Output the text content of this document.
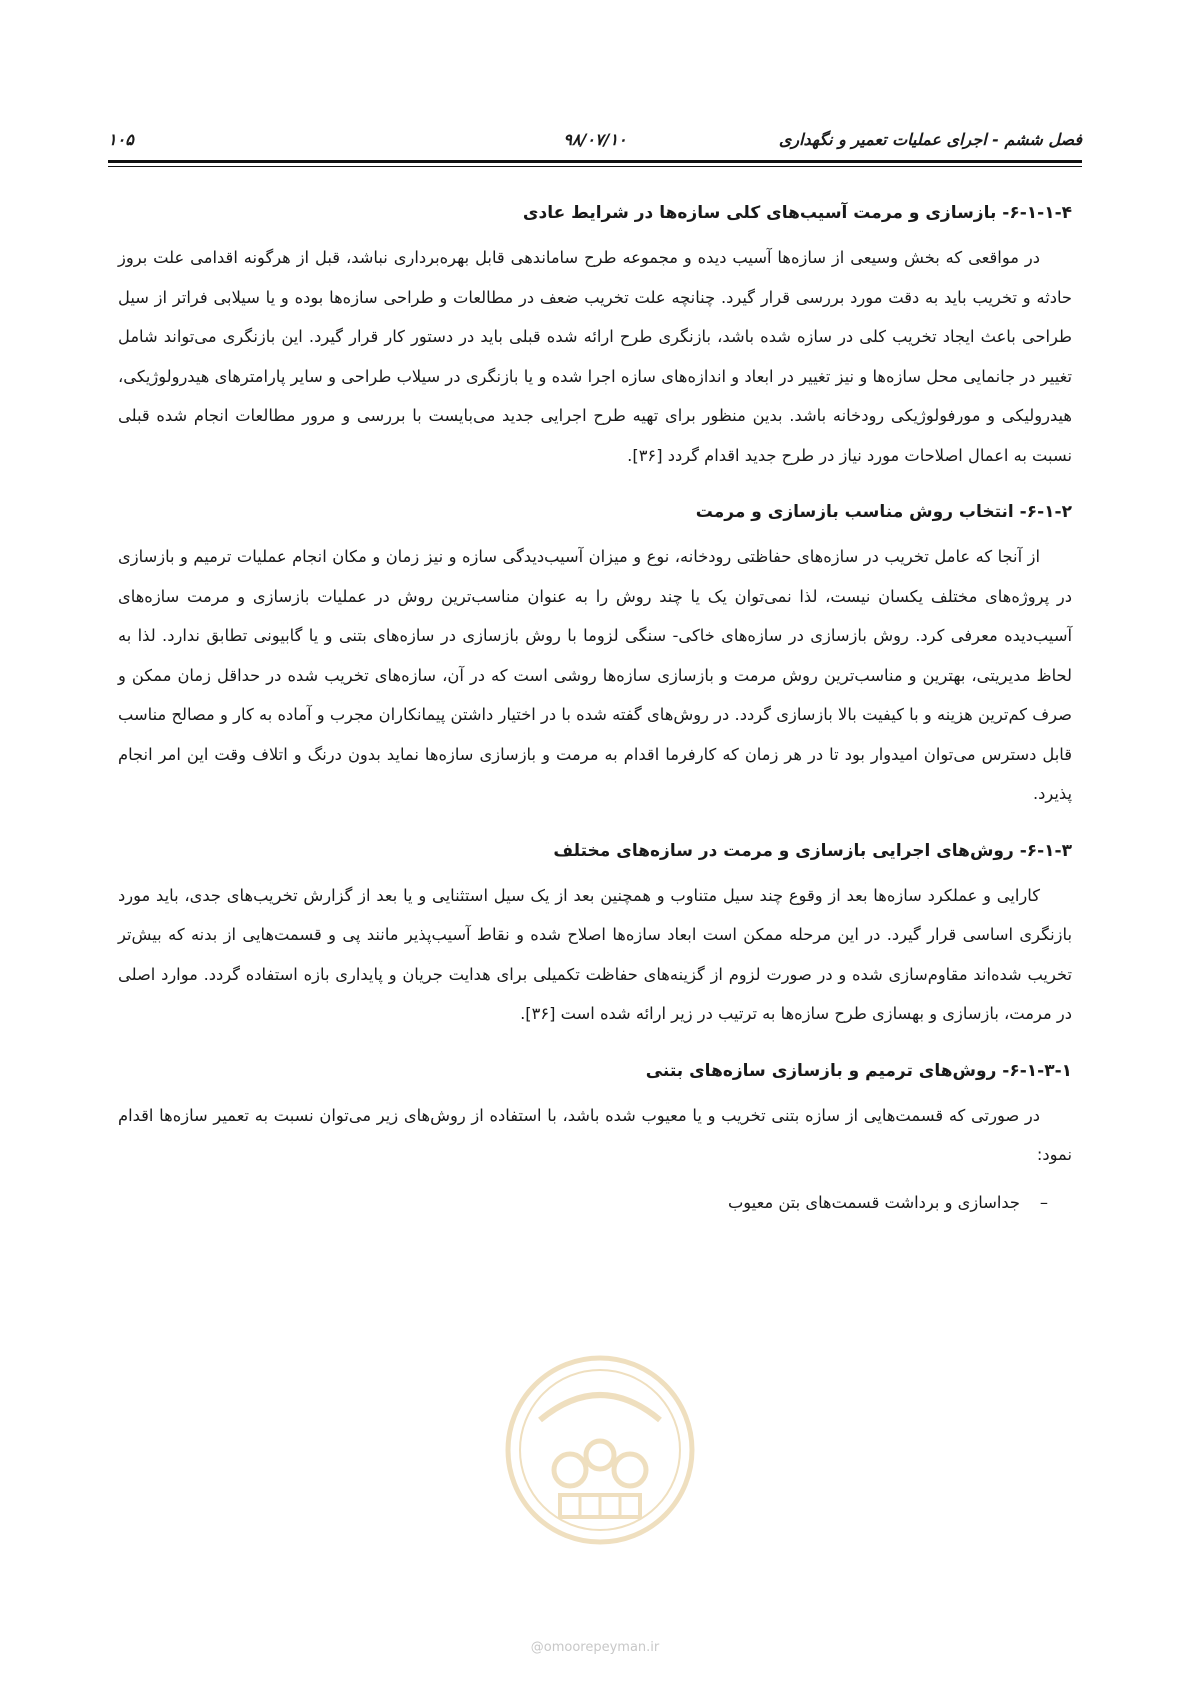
فصل ششم - اجرای عملیات تعمیر و نگهداری
۹۸/۰۷/۱۰
۱۰۵
۶-۱-۱-۴- بازسازی و مرمت آسیب‌های کلی سازه‌ها در شرایط عادی

در مواقعی که بخش وسیعی از سازه‌ها آسیب دیده و مجموعه طرح ساماندهی قابل بهره‌برداری نباشد، قبل از هرگونه اقدامی علت بروز حادثه و تخریب باید به دقت مورد بررسی قرار گیرد. چنانچه علت تخریب ضعف در مطالعات و طراحی سازه‌ها بوده و یا سیلابی فراتر از سیل طراحی باعث ایجاد تخریب کلی در سازه شده باشد، بازنگری طرح ارائه شده قبلی باید در دستور کار قرار گیرد. این بازنگری می‌تواند شامل تغییر در جانمایی محل سازه‌ها و نیز تغییر در ابعاد و اندازه‌های سازه اجرا شده و یا بازنگری در سیلاب طراحی و سایر پارامترهای هیدرولوژیکی، هیدرولیکی و مورفولوژیکی رودخانه باشد. بدین منظور برای تهیه طرح اجرایی جدید می‌بایست با بررسی و مرور مطالعات انجام شده قبلی نسبت به اعمال اصلاحات مورد نیاز در طرح جدید اقدام گردد [۳۶].

۶-۱-۲- انتخاب روش مناسب بازسازی و مرمت

از آنجا که عامل تخریب در سازه‌های حفاظتی رودخانه، نوع و میزان آسیب‌دیدگی سازه و نیز زمان و مکان انجام عملیات ترمیم و بازسازی در پروژه‌های مختلف یکسان نیست، لذا نمی‌توان یک یا چند روش را به عنوان مناسب‌ترین روش در عملیات بازسازی و مرمت سازه‌های آسیب‌دیده معرفی کرد. روش بازسازی در سازه‌های خاکی- سنگی لزوما با روش بازسازی در سازه‌های بتنی و یا گابیونی تطابق ندارد. لذا به لحاظ مدیریتی، بهترین و مناسب‌ترین روش مرمت و بازسازی سازه‌ها روشی است که در آن، سازه‌های تخریب شده در حداقل زمان ممکن و صرف کم‌ترین هزینه و با کیفیت بالا بازسازی گردد. در روش‌های گفته شده با در اختیار داشتن پیمانکاران مجرب و آماده به کار و مصالح مناسب قابل دسترس می‌توان امیدوار بود تا در هر زمان که کارفرما اقدام به مرمت و بازسازی سازه‌ها نماید بدون درنگ و اتلاف وقت این امر انجام پذیرد.

۶-۱-۳- روش‌های اجرایی بازسازی و مرمت در سازه‌های مختلف

کارایی و عملکرد سازه‌ها بعد از وقوع چند سیل متناوب و همچنین بعد از یک سیل استثنایی و یا بعد از گزارش تخریب‌های جدی، باید مورد بازنگری اساسی قرار گیرد. در این مرحله ممکن است ابعاد سازه‌ها اصلاح شده و نقاط آسیب‌پذیر مانند پی و قسمت‌هایی از بدنه که بیش‌تر تخریب شده‌اند مقاوم‌سازی شده و در صورت لزوم از گزینه‌های حفاظت تکمیلی برای هدایت جریان و پایداری بازه استفاده گردد. موارد اصلی در مرمت، بازسازی و بهسازی طرح سازه‌ها به ترتیب در زیر ارائه شده است [۳۶].

۶-۱-۳-۱- روش‌های ترمیم و بازسازی سازه‌های بتنی

در صورتی که قسمت‌هایی از سازه بتنی تخریب و یا معیوب شده باشد، با استفاده از روش‌های زیر می‌توان نسبت به تعمیر سازه‌ها اقدام نمود:

–جداسازی و برداشت قسمت‌های بتن معیوب
@omoorepeyman.ir
